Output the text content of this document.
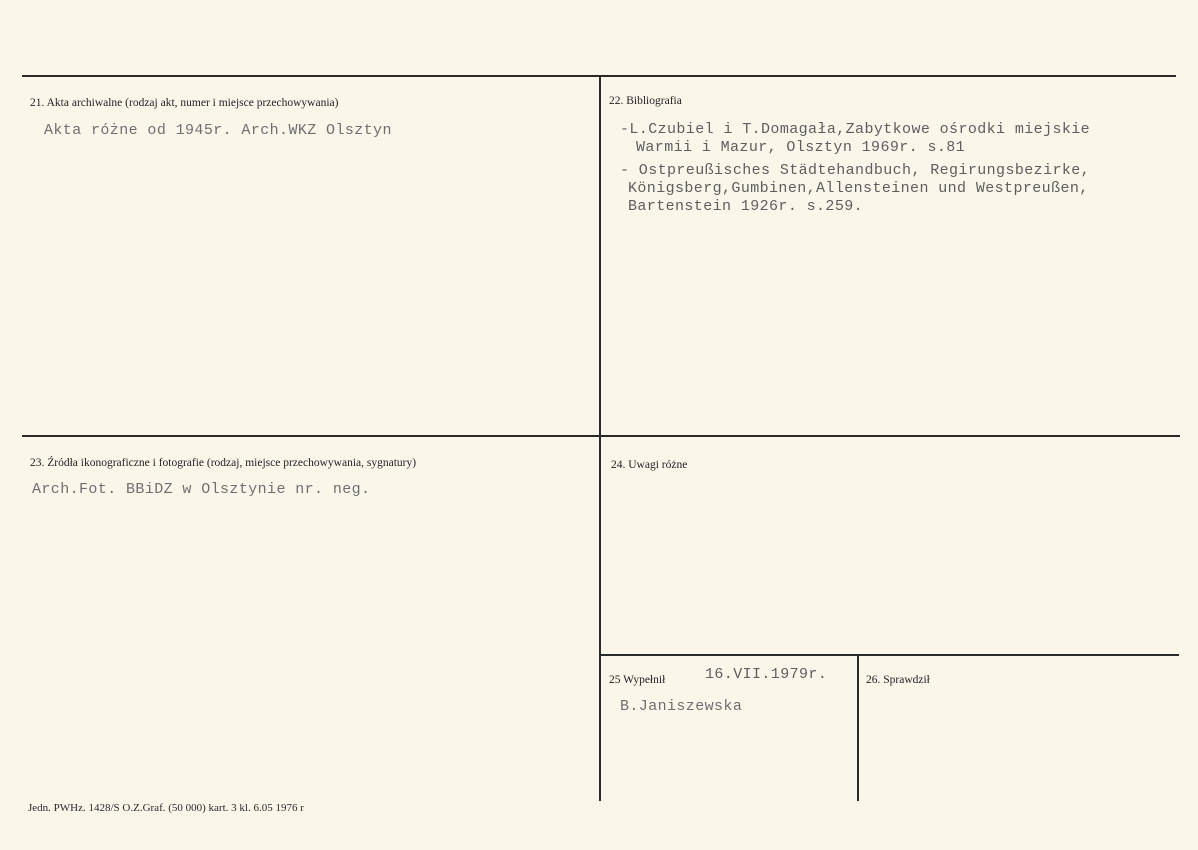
21. Akta archiwalne (rodzaj akt, numer i miejsce przechowywania)
Akta różne od 1945r. Arch.WKZ Olsztyn
22. Bibliografia
-L.Czubiel i T.Domagała,Zabytkowe ośrodki miejskie
Warmii i Mazur, Olsztyn 1969r. s.81
- Ostpreußisches Städtehandbuch, Regirungsbezirke,
Königsberg,Gumbinen,Allensteinen und Westpreußen,
Bartenstein 1926r. s.259.
23. Źródła ikonograficzne i fotografie (rodzaj, miejsce przechowywania, sygnatury)
Arch.Fot. BBiDZ w Olsztynie nr. neg.
24. Uwagi różne
25 Wypełnił	16.VII.1979r.
B.Janiszewska
26. Sprawdził
Jedn. PWHz. 1428/S O.Z.Graf. (50 000) kart. 3 kl. 6.05 1976 r
